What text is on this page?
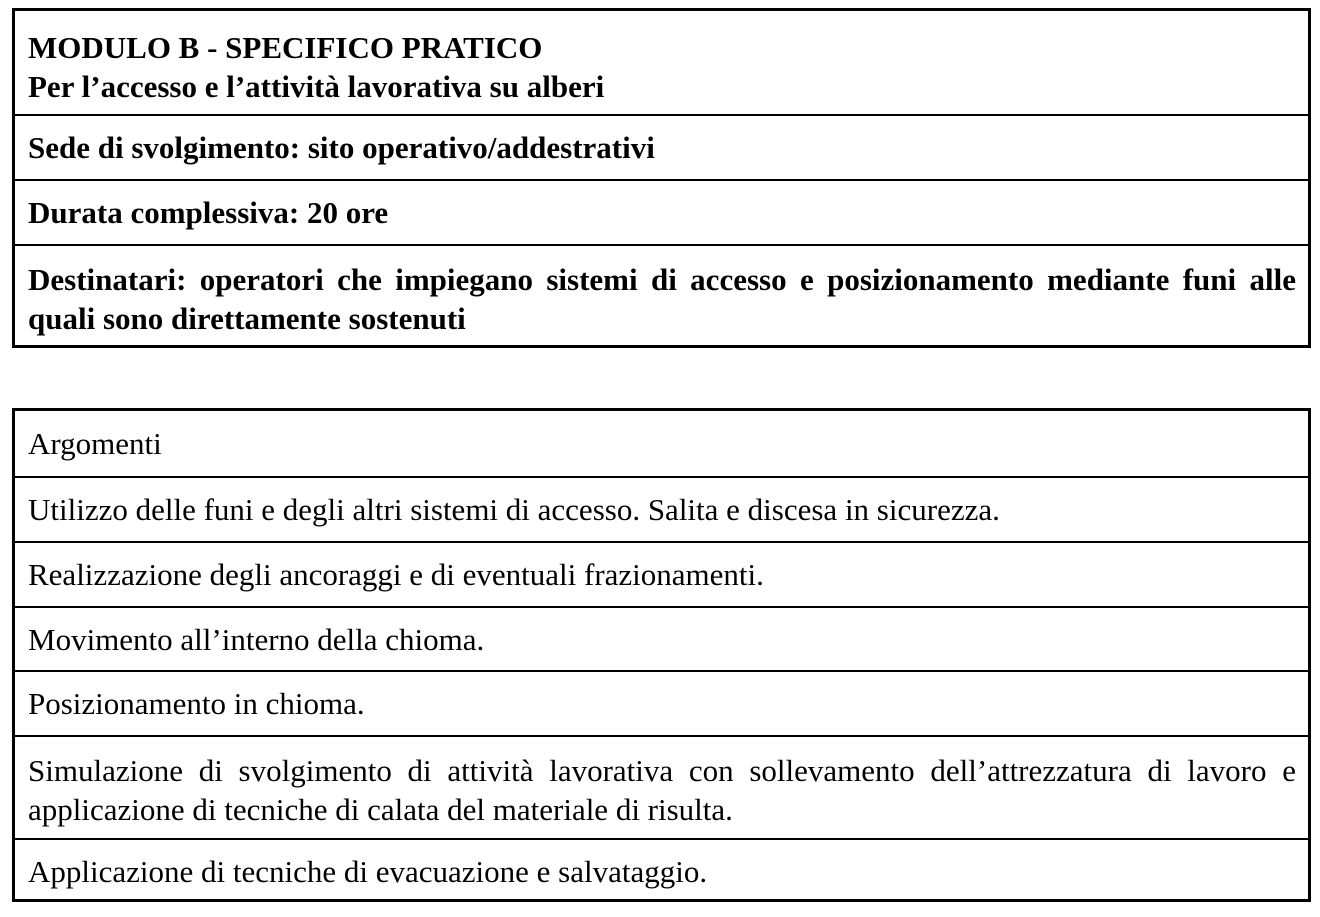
MODULO B - SPECIFICO PRATICO
Per l’accesso e l’attività lavorativa su alberi
Sede di svolgimento: sito operativo/addestrativi
Durata complessiva: 20 ore
Destinatari: operatori che impiegano sistemi di accesso e posizionamento mediante funi alle quali sono direttamente sostenuti
Argomenti
Utilizzo delle funi e degli altri sistemi di accesso. Salita e discesa in sicurezza.
Realizzazione degli ancoraggi e di eventuali frazionamenti.
Movimento all’interno della chioma.
Posizionamento in chioma.
Simulazione di svolgimento di attività lavorativa con sollevamento dell’attrezzatura di lavoro e applicazione di tecniche di calata del materiale di risulta.
Applicazione di tecniche di evacuazione e salvataggio.
